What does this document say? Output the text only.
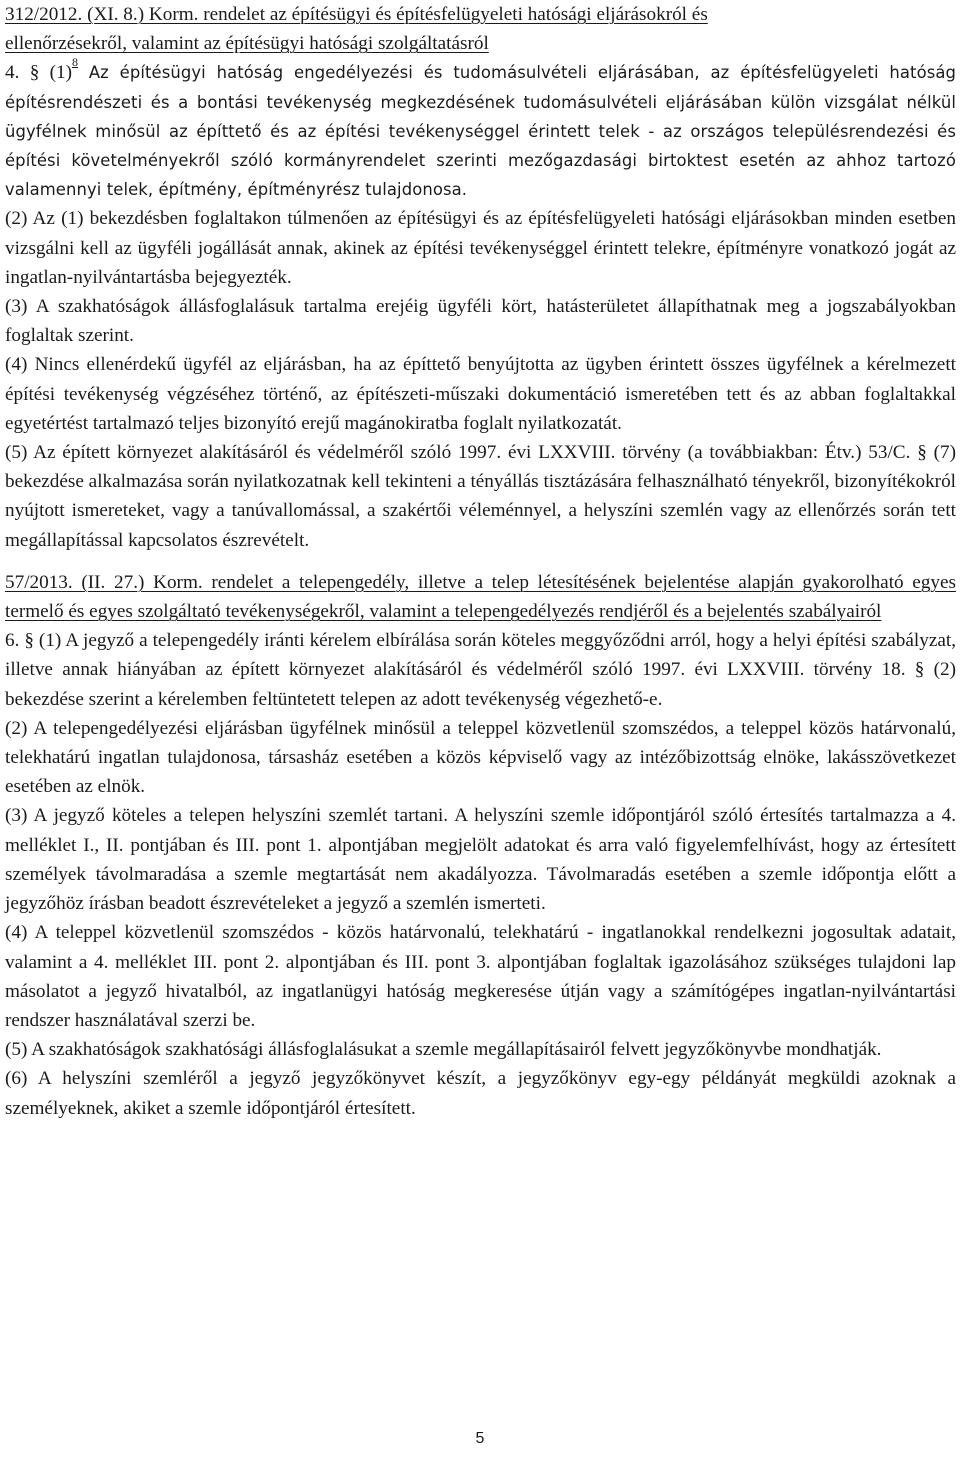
312/2012. (XI. 8.) Korm. rendelet az építésügyi és építésfelügyeleti hatósági eljárásokról és

ellenőrzésekről, valamint az építésügyi hatósági szolgáltatásról

4. § (1)$^8$ Az építésügyi hatóság engedélyezési és tudomásulvételi eljárásában, az építésfelügyeleti hatóság építésrendészeti és a bontási tevékenység megkezdésének tudomásulvételi eljárásában külön vizsgálat nélkül ügyfélnek minősül az építtető és az építési tevékenységgel érintett telek - az országos településrendezési és építési követelményekről szóló kormányrendelet szerinti mezőgazdasági birtoktest esetén az ahhoz tartozó valamennyi telek, építmény, építményrész tulajdonosa.

(2) Az (1) bekezdésben foglaltakon túlmenően az építésügyi és az építésfelügyeleti hatósági eljárásokban minden esetben vizsgálni kell az ügyféli jogállását annak, akinek az építési tevékenységgel érintett telekre, építményre vonatkozó jogát az ingatlan-nyilvántartásba bejegyezték.

(3) A szakhatóságok állásfoglalásuk tartalma erejéig ügyféli kört, hatásterületet állapíthatnak meg a jogszabályokban foglaltak szerint.

(4) Nincs ellenérdekű ügyfél az eljárásban, ha az építtető benyújtotta az ügyben érintett összes ügyfélnek a kérelmezett építési tevékenység végzéséhez történő, az építészeti-műszaki dokumentáció ismeretében tett és az abban foglaltakkal egyetértést tartalmazó teljes bizonyító erejű magánokiratba foglalt nyilatkozatát.

(5) Az épített környezet alakításáról és védelméről szóló 1997. évi LXXVIII. törvény (a továbbiakban: Étv.) 53/C. § (7) bekezdése alkalmazása során nyilatkozatnak kell tekinteni a tényállás tisztázására felhasználható tényekről, bizonyítékokról nyújtott ismereteket, vagy a tanúvallomással, a szakértői véleménnyel, a helyszíni szemlén vagy az ellenőrzés során tett megállapítással kapcsolatos észrevételt.

57/2013. (II. 27.) Korm. rendelet a telepengedély, illetve a telep létesítésének bejelentése alapján gyakorolható egyes termelő és egyes szolgáltató tevékenységekről, valamint a telepengedélyezés rendjéről és a bejelentés szabályairól

6. § (1) A jegyző a telepengedély iránti kérelem elbírálása során köteles meggyőződni arról, hogy a helyi építési szabályzat, illetve annak hiányában az épített környezet alakításáról és védelméről szóló 1997. évi LXXVIII. törvény 18. § (2) bekezdése szerint a kérelemben feltüntetett telepen az adott tevékenység végezhető-e.

(2) A telepengedélyezési eljárásban ügyfélnek minősül a teleppel közvetlenül szomszédos, a teleppel közös határvonalú, telekhatárú ingatlan tulajdonosa, társasház esetében a közös képviselő vagy az intézőbizottság elnöke, lakásszövetkezet esetében az elnök.

(3) A jegyző köteles a telepen helyszíni szemlét tartani. A helyszíni szemle időpontjáról szóló értesítés tartalmazza a 4. melléklet I., II. pontjában és III. pont 1. alpontjában megjelölt adatokat és arra való figyelemfelhívást, hogy az értesített személyek távolmaradása a szemle megtartását nem akadályozza. Távolmaradás esetében a szemle időpontja előtt a jegyzőhöz írásban beadott észrevételeket a jegyző a szemlén ismerteti.

(4) A teleppel közvetlenül szomszédos - közös határvonalú, telekhatárú - ingatlanokkal rendelkezni jogosultak adatait, valamint a 4. melléklet III. pont 2. alpontjában és III. pont 3. alpontjában foglaltak igazolásához szükséges tulajdoni lap másolatot a jegyző hivatalból, az ingatlanügyi hatóság megkeresése útján vagy a számítógépes ingatlan-nyilvántartási rendszer használatával szerzi be.

(5) A szakhatóságok szakhatósági állásfoglalásukat a szemle megállapításairól felvett jegyzőkönyvbe mondhatják.

(6) A helyszíni szemléről a jegyző jegyzőkönyvet készít, a jegyzőkönyv egy-egy példányát megküldi azoknak a személyeknek, akiket a szemle időpontjáról értesített.

5
